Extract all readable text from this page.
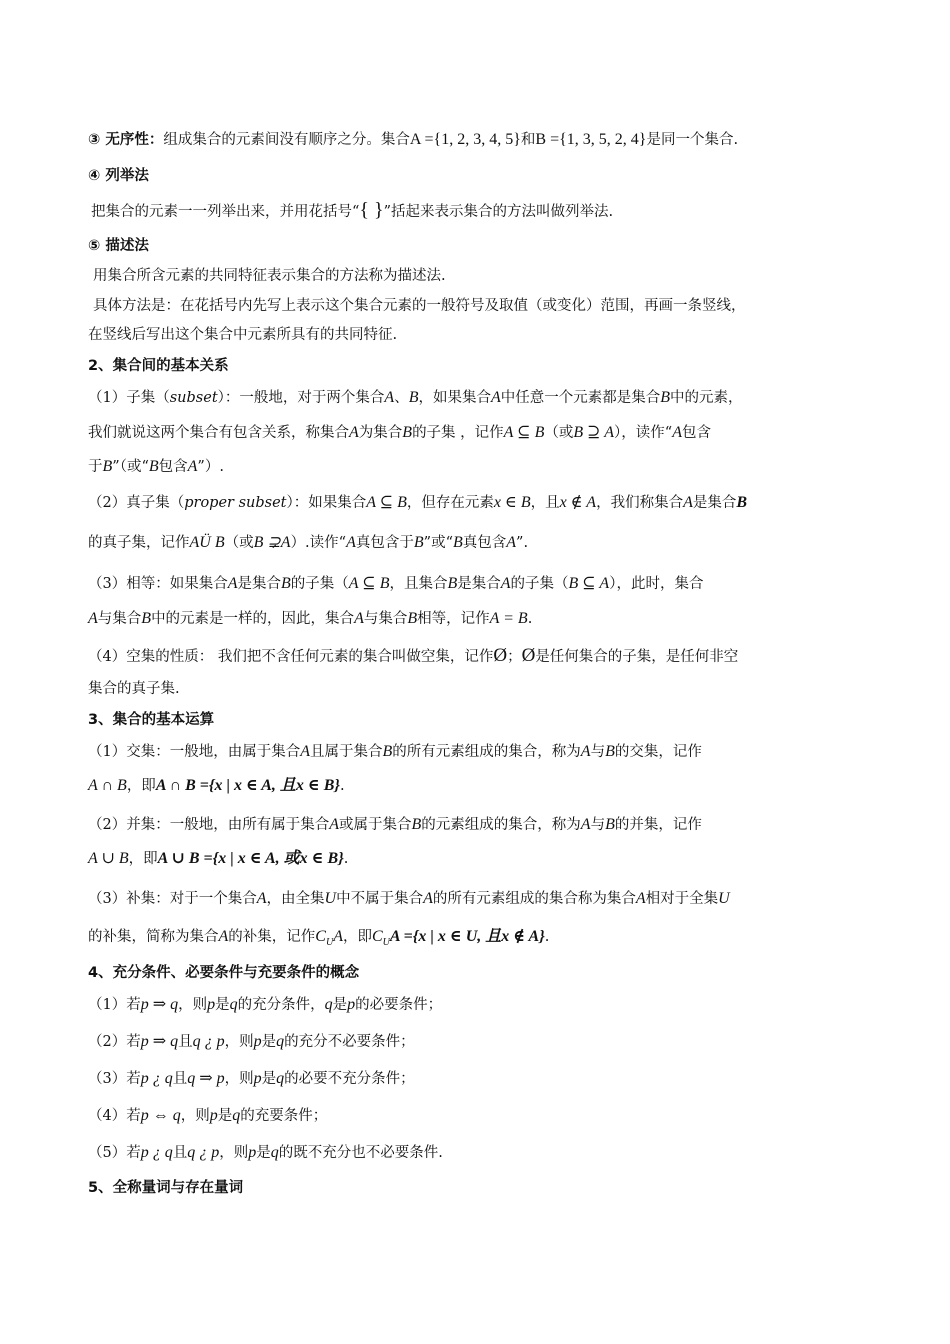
③ 无序性：组成集合的元素间没有顺序之分。集合A ={1, 2, 3, 4, 5}和B ={1, 3, 5, 2, 4}是同一个集合.
④ 列举法
把集合的元素一一列举出来，并用花括号“{ }”括起来表示集合的方法叫做列举法.
⑤ 描述法
用集合所含元素的共同特征表示集合的方法称为描述法.
具体方法是：在花括号内先写上表示这个集合元素的一般符号及取值（或变化）范围，再画一条竖线，
在竖线后写出这个集合中元素所具有的共同特征.
2、集合间的基本关系
（1）子集（subset）：一般地，对于两个集合A、B，如果集合A中任意一个元素都是集合B中的元素，
我们就说这两个集合有包含关系，称集合A为集合B的子集 ，记作A ⊆ B（或B ⊇ A），读作“A包含
于B”（或“B包含A”）.
（2）真子集（proper subset）：如果集合A ⊆ B，但存在元素x ∈ B，且x ∉ A，我们称集合A是集合B
的真子集，记作AÜ B（或B ⊋A）.读作“A真包含于B”或“B真包含A”.
（3）相等：如果集合A是集合B的子集（A ⊆ B，且集合B是集合A的子集（B ⊆ A），此时，集合
A与集合B中的元素是一样的，因此，集合A与集合B相等，记作A = B.
（4）空集的性质： 我们把不含任何元素的集合叫做空集，记作Ø；Ø是任何集合的子集，是任何非空
集合的真子集.
3、集合的基本运算
（1）交集：一般地，由属于集合A且属于集合B的所有元素组成的集合，称为A与B的交集，记作
A ∩ B，即A ∩ B ={x | x ∈ A, 且x ∈ B}.
（2）并集：一般地，由所有属于集合A或属于集合B的元素组成的集合，称为A与B的并集，记作
A ∪ B，即A ∪ B ={x | x ∈ A, 或x ∈ B}.
（3）补集：对于一个集合A，由全集U中不属于集合A的所有元素组成的集合称为集合A相对于全集U
的补集，简称为集合A的补集，记作$C_UA$，即$C_UA =\{x$ | x ∈ U, 且x ∉ A}.
4、充分条件、必要条件与充要条件的概念
（1）若p ⇒ q，则p是q的充分条件，q是p的必要条件；
（2）若p ⇒ q且q ¿ p，则p是q的充分不必要条件；
（3）若p ¿ q且q ⇒ p，则p是q的必要不充分条件；
（4）若p ⇔ q，则p是q的充要条件；
（5）若p ¿ q且q ¿ p，则p是q的既不充分也不必要条件.
5、全称量词与存在量词
